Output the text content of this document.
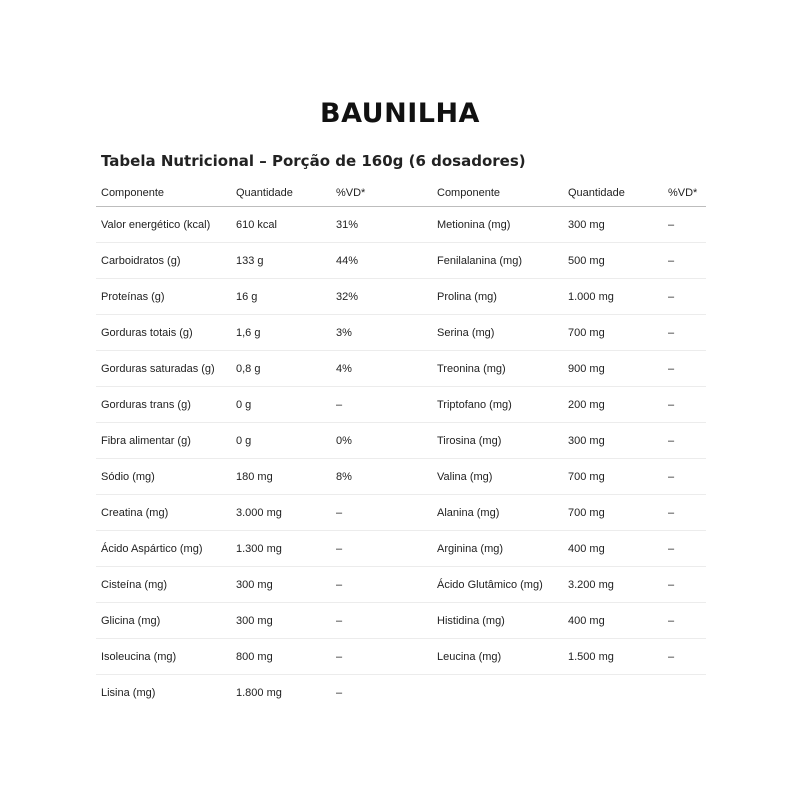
BAUNILHA
Tabela Nutricional – Porção de 160g (6 dosadores)
Componente	Quantidade	%VD*	Componente	Quantidade	%VD*
Valor energético (kcal)	610 kcal	31%	Metionina (mg)	300 mg	–
Carboidratos (g)	133 g	44%	Fenilalanina (mg)	500 mg	–
Proteínas (g)	16 g	32%	Prolina (mg)	1.000 mg	–
Gorduras totais (g)	1,6 g	3%	Serina (mg)	700 mg	–
Gorduras saturadas (g)	0,8 g	4%	Treonina (mg)	900 mg	–
Gorduras trans (g)	0 g	–	Triptofano (mg)	200 mg	–
Fibra alimentar (g)	0 g	0%	Tirosina (mg)	300 mg	–
Sódio (mg)	180 mg	8%	Valina (mg)	700 mg	–
Creatina (mg)	3.000 mg	–	Alanina (mg)	700 mg	–
Ácido Aspártico (mg)	1.300 mg	–	Arginina (mg)	400 mg	–
Cisteína (mg)	300 mg	–	Ácido Glutâmico (mg)	3.200 mg	–
Glicina (mg)	300 mg	–	Histidina (mg)	400 mg	–
Isoleucina (mg)	800 mg	–	Leucina (mg)	1.500 mg	–
Lisina (mg)	1.800 mg	–			
